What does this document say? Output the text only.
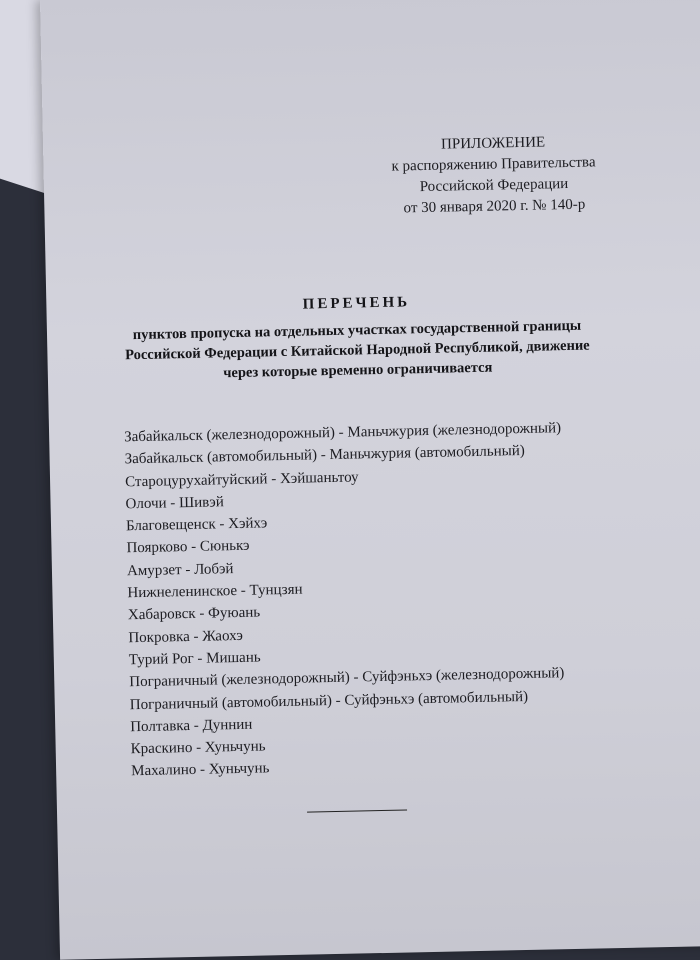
ПРИЛОЖЕНИЕ
к распоряжению Правительства
Российской Федерации
от 30 января 2020 г. № 140-р
ПЕРЕЧЕНЬ
пунктов пропуска на отдельных участках государственной границы
Российской Федерации с Китайской Народной Республикой, движение
через которые временно ограничивается
Забайкальск (железнодорожный) - Маньчжурия (железнодорожный)
Забайкальск (автомобильный) - Маньчжурия (автомобильный)
Староцурухайтуйский - Хэйшаньтоу
Олочи - Шивэй
Благовещенск - Хэйхэ
Поярково - Сюнькэ
Амурзет - Лобэй
Нижнеленинское - Тунцзян
Хабаровск - Фуюань
Покровка - Жаохэ
Турий Рог - Мишань
Пограничный (железнодорожный) - Суйфэньхэ (железнодорожный)
Пограничный (автомобильный) - Суйфэньхэ (автомобильный)
Полтавка - Дуннин
Краскино - Хуньчунь
Махалино - Хуньчунь
